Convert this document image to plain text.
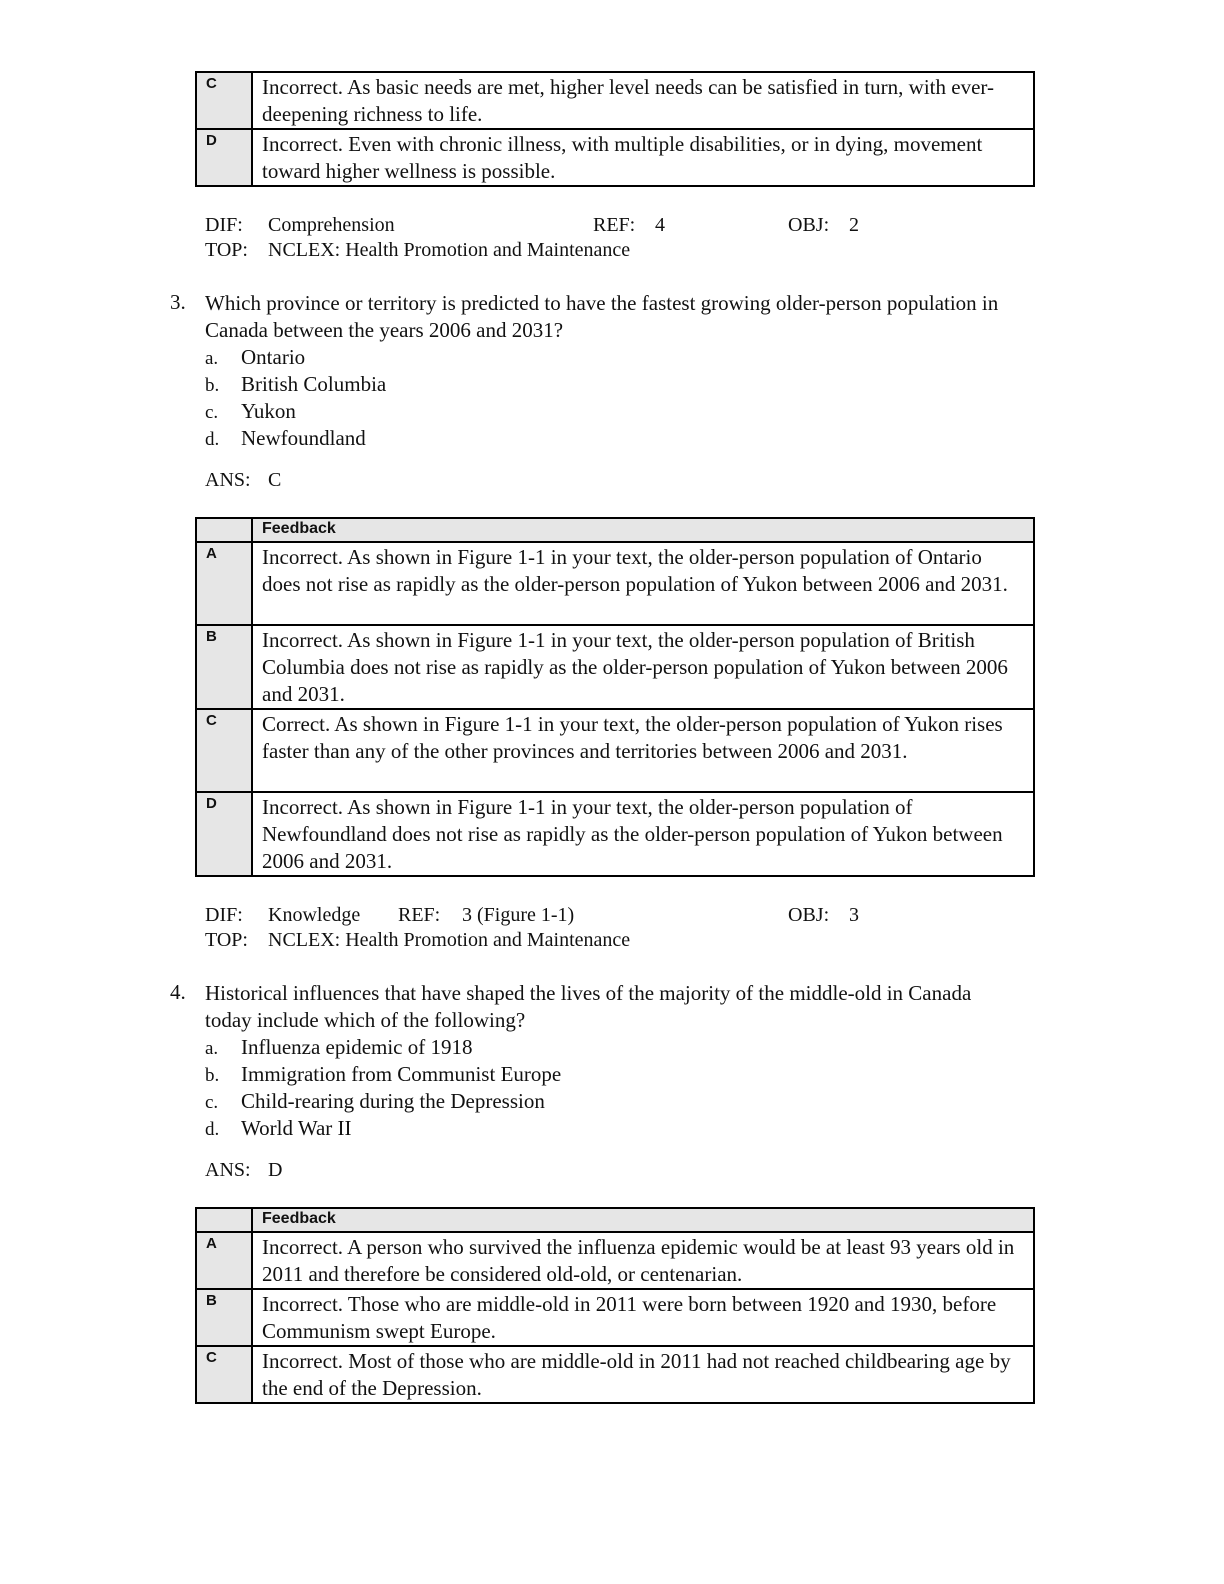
C	Incorrect. As basic needs are met, higher level needs can be satisfied in turn, with ever-deepening richness to life.
D	Incorrect. Even with chronic illness, with multiple disabilities, or in dying, movement toward higher wellness is possible.
DIF: Comprehension	REF: 4	OBJ: 2
TOP: NCLEX: Health Promotion and Maintenance
3. Which province or territory is predicted to have the fastest growing older-person population in Canada between the years 2006 and 2031?
a. Ontario
b. British Columbia
c. Yukon
d. Newfoundland
ANS: C
	Feedback
A	Incorrect. As shown in Figure 1-1 in your text, the older-person population of Ontario does not rise as rapidly as the older-person population of Yukon between 2006 and 2031.
B	Incorrect. As shown in Figure 1-1 in your text, the older-person population of British Columbia does not rise as rapidly as the older-person population of Yukon between 2006 and 2031.
C	Correct. As shown in Figure 1-1 in your text, the older-person population of Yukon rises faster than any of the other provinces and territories between 2006 and 2031.
D	Incorrect. As shown in Figure 1-1 in your text, the older-person population of Newfoundland does not rise as rapidly as the older-person population of Yukon between 2006 and 2031.
DIF: Knowledge REF: 3 (Figure 1-1)	OBJ: 3
TOP: NCLEX: Health Promotion and Maintenance
4. Historical influences that have shaped the lives of the majority of the middle-old in Canada today include which of the following?
a. Influenza epidemic of 1918
b. Immigration from Communist Europe
c. Child-rearing during the Depression
d. World War II
ANS: D
	Feedback
A	Incorrect. A person who survived the influenza epidemic would be at least 93 years old in 2011 and therefore be considered old-old, or centenarian.
B	Incorrect. Those who are middle-old in 2011 were born between 1920 and 1930, before Communism swept Europe.
C	Incorrect. Most of those who are middle-old in 2011 had not reached childbearing age by the end of the Depression.
